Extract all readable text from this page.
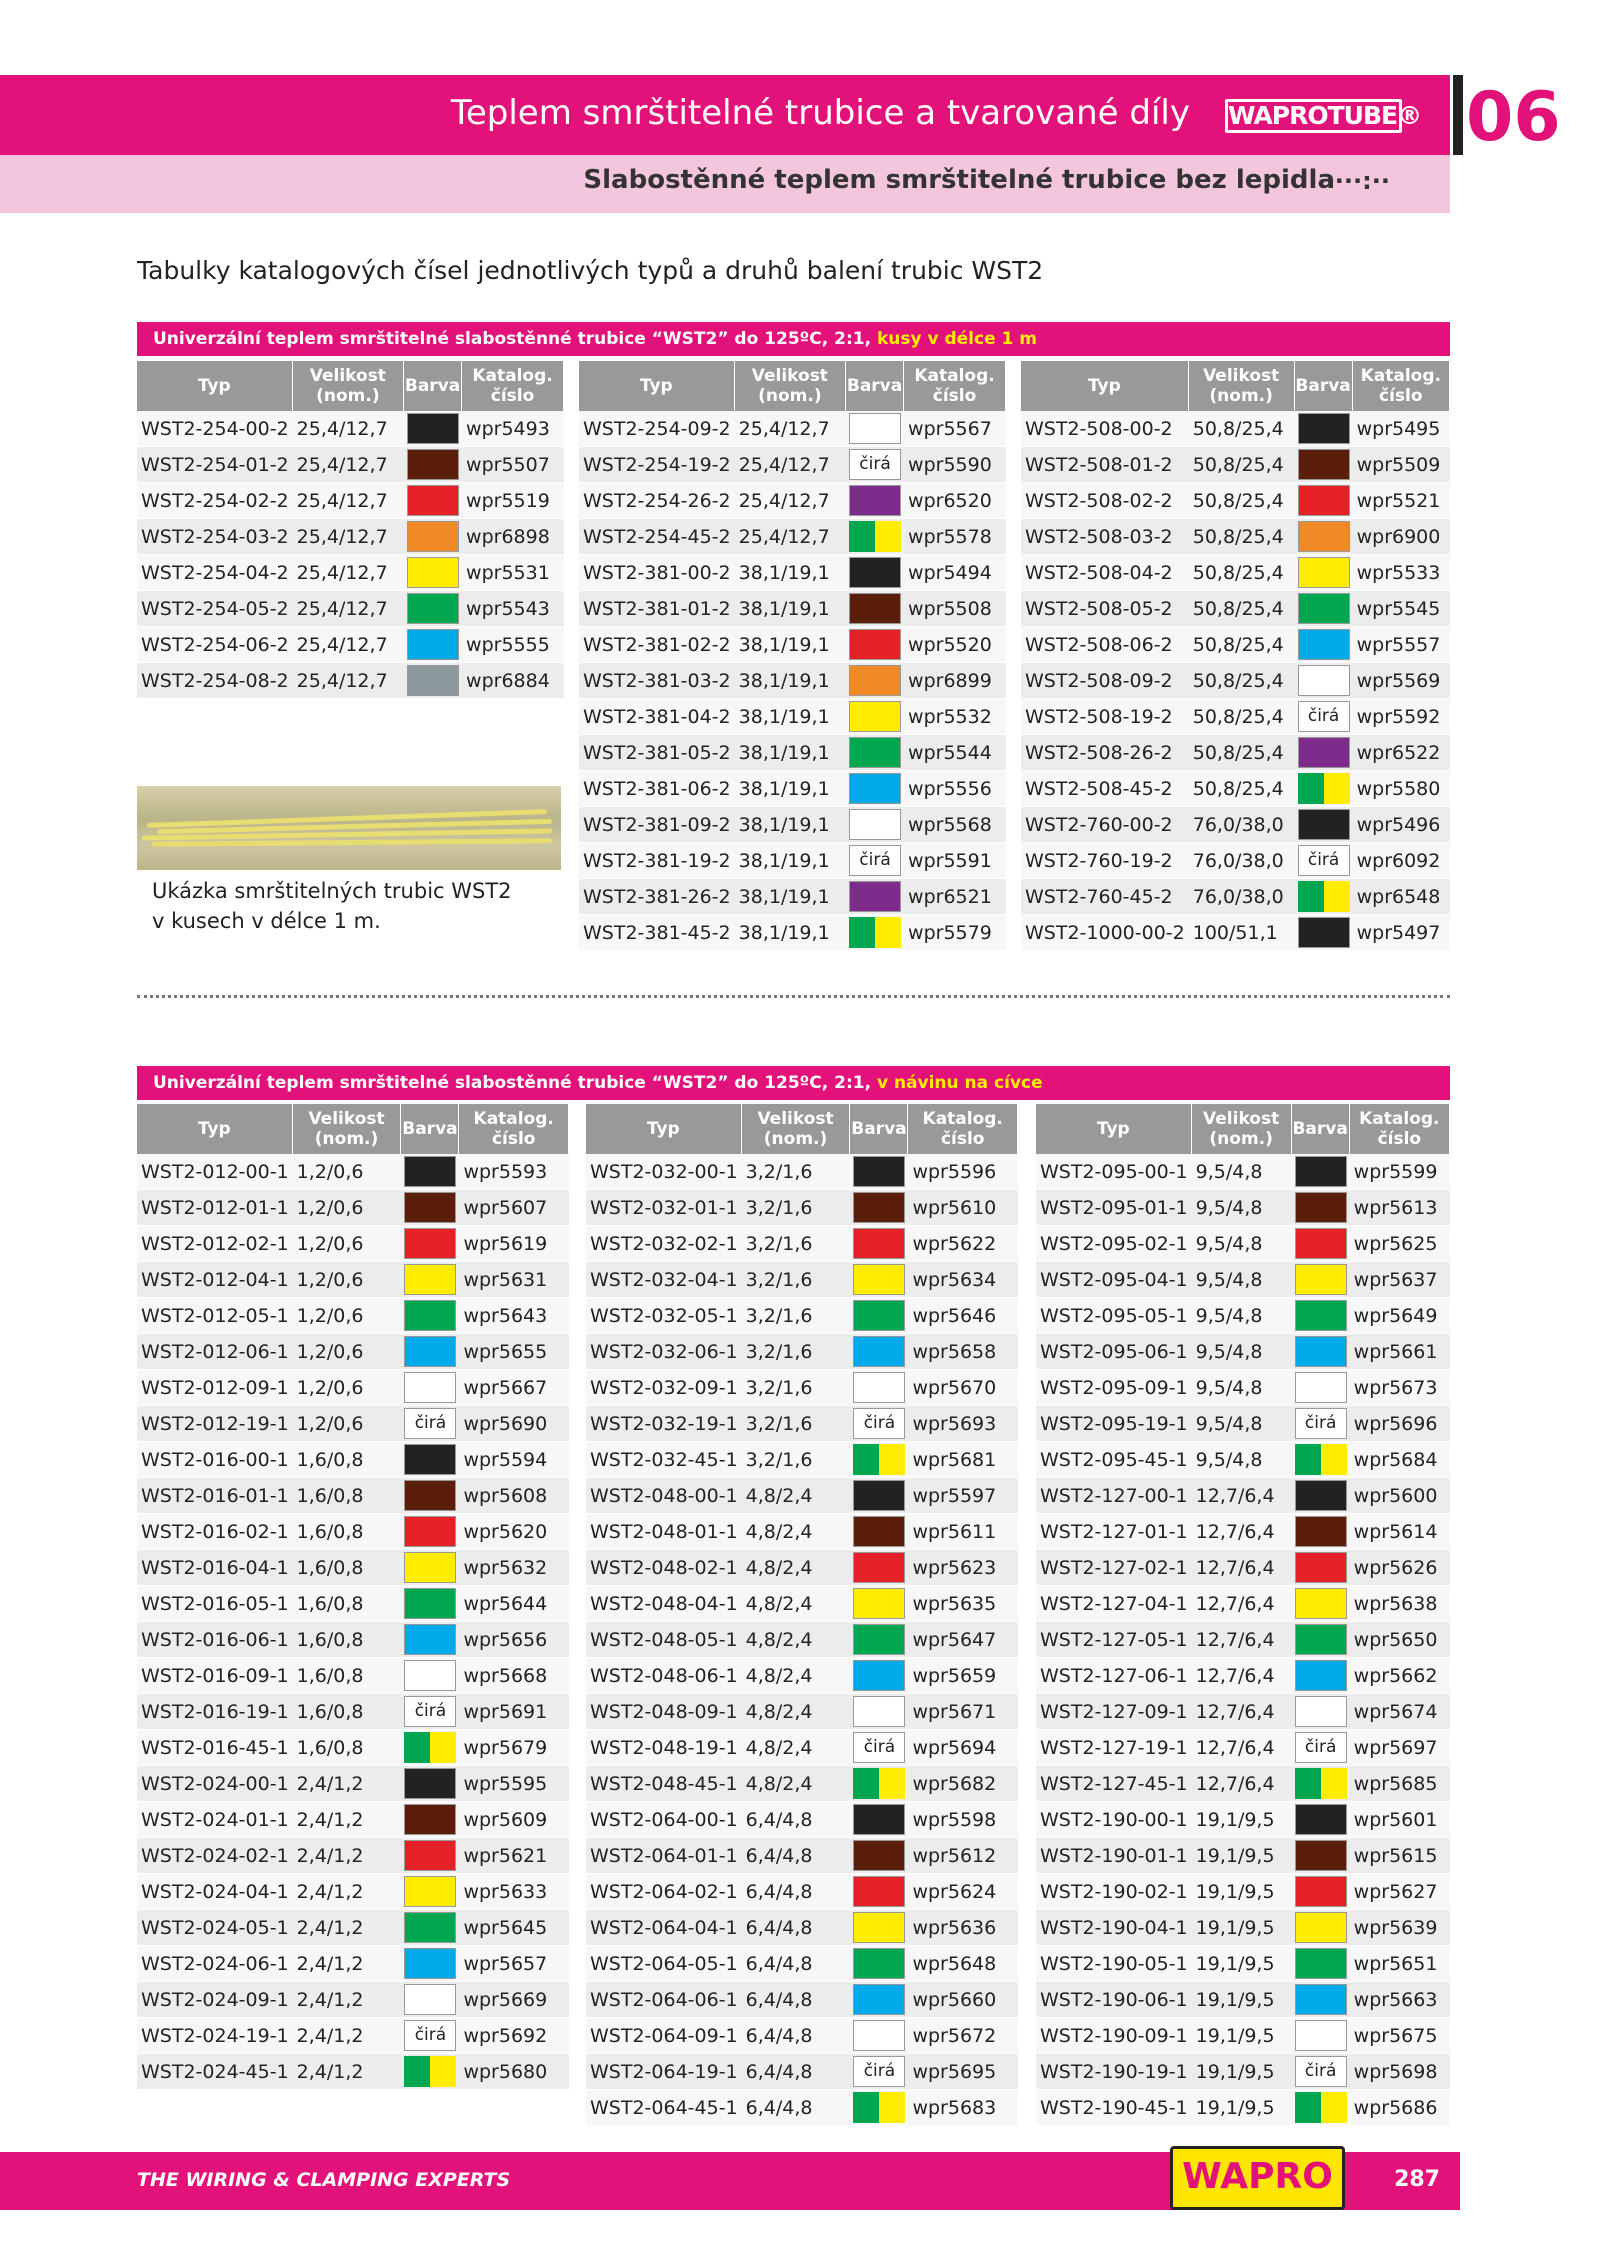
Teplem smrštitelné trubice a tvarované díly WAPROTUBE®
Slabostěnné teplem smrštitelné trubice bez lepidla
····:··
06
Tabulky katalogových čísel jednotlivých typů a druhů balení trubic WST2
Univerzální teplem smrštitelné slabostěnné trubice “WST2” do 125ºC, 2:1, kusy v délce 1 m
Typ	Velikost (nom.)	Barva	Katalog. číslo
WST2-254-00-2	25,4/12,7		wpr5493
WST2-254-01-2	25,4/12,7		wpr5507
WST2-254-02-2	25,4/12,7		wpr5519
WST2-254-03-2	25,4/12,7		wpr6898
WST2-254-04-2	25,4/12,7		wpr5531
WST2-254-05-2	25,4/12,7		wpr5543
WST2-254-06-2	25,4/12,7		wpr5555
WST2-254-08-2	25,4/12,7		wpr6884
Typ	Velikost (nom.)	Barva	Katalog. číslo
WST2-254-09-2	25,4/12,7		wpr5567
WST2-254-19-2	25,4/12,7	čirá	wpr5590
WST2-254-26-2	25,4/12,7		wpr6520
WST2-254-45-2	25,4/12,7		wpr5578
WST2-381-00-2	38,1/19,1		wpr5494
WST2-381-01-2	38,1/19,1		wpr5508
WST2-381-02-2	38,1/19,1		wpr5520
WST2-381-03-2	38,1/19,1		wpr6899
WST2-381-04-2	38,1/19,1		wpr5532
WST2-381-05-2	38,1/19,1		wpr5544
WST2-381-06-2	38,1/19,1		wpr5556
WST2-381-09-2	38,1/19,1		wpr5568
WST2-381-19-2	38,1/19,1	čirá	wpr5591
WST2-381-26-2	38,1/19,1		wpr6521
WST2-381-45-2	38,1/19,1		wpr5579
Typ	Velikost (nom.)	Barva	Katalog. číslo
WST2-508-00-2	50,8/25,4		wpr5495
WST2-508-01-2	50,8/25,4		wpr5509
WST2-508-02-2	50,8/25,4		wpr5521
WST2-508-03-2	50,8/25,4		wpr6900
WST2-508-04-2	50,8/25,4		wpr5533
WST2-508-05-2	50,8/25,4		wpr5545
WST2-508-06-2	50,8/25,4		wpr5557
WST2-508-09-2	50,8/25,4		wpr5569
WST2-508-19-2	50,8/25,4	čirá	wpr5592
WST2-508-26-2	50,8/25,4		wpr6522
WST2-508-45-2	50,8/25,4		wpr5580
WST2-760-00-2	76,0/38,0		wpr5496
WST2-760-19-2	76,0/38,0	čirá	wpr6092
WST2-760-45-2	76,0/38,0		wpr6548
WST2-1000-00-2	100/51,1		wpr5497
Ukázka smrštitelných trubic WST2
v kusech v délce 1 m.
Univerzální teplem smrštitelné slabostěnné trubice “WST2” do 125ºC, 2:1, v návinu na cívce
Typ	Velikost (nom.)	Barva	Katalog. číslo
WST2-012-00-1	1,2/0,6		wpr5593
WST2-012-01-1	1,2/0,6		wpr5607
WST2-012-02-1	1,2/0,6		wpr5619
WST2-012-04-1	1,2/0,6		wpr5631
WST2-012-05-1	1,2/0,6		wpr5643
WST2-012-06-1	1,2/0,6		wpr5655
WST2-012-09-1	1,2/0,6		wpr5667
WST2-012-19-1	1,2/0,6	čirá	wpr5690
WST2-016-00-1	1,6/0,8		wpr5594
WST2-016-01-1	1,6/0,8		wpr5608
WST2-016-02-1	1,6/0,8		wpr5620
WST2-016-04-1	1,6/0,8		wpr5632
WST2-016-05-1	1,6/0,8		wpr5644
WST2-016-06-1	1,6/0,8		wpr5656
WST2-016-09-1	1,6/0,8		wpr5668
WST2-016-19-1	1,6/0,8	čirá	wpr5691
WST2-016-45-1	1,6/0,8		wpr5679
WST2-024-00-1	2,4/1,2		wpr5595
WST2-024-01-1	2,4/1,2		wpr5609
WST2-024-02-1	2,4/1,2		wpr5621
WST2-024-04-1	2,4/1,2		wpr5633
WST2-024-05-1	2,4/1,2		wpr5645
WST2-024-06-1	2,4/1,2		wpr5657
WST2-024-09-1	2,4/1,2		wpr5669
WST2-024-19-1	2,4/1,2	čirá	wpr5692
WST2-024-45-1	2,4/1,2		wpr5680
Typ	Velikost (nom.)	Barva	Katalog. číslo
WST2-032-00-1	3,2/1,6		wpr5596
WST2-032-01-1	3,2/1,6		wpr5610
WST2-032-02-1	3,2/1,6		wpr5622
WST2-032-04-1	3,2/1,6		wpr5634
WST2-032-05-1	3,2/1,6		wpr5646
WST2-032-06-1	3,2/1,6		wpr5658
WST2-032-09-1	3,2/1,6		wpr5670
WST2-032-19-1	3,2/1,6	čirá	wpr5693
WST2-032-45-1	3,2/1,6		wpr5681
WST2-048-00-1	4,8/2,4		wpr5597
WST2-048-01-1	4,8/2,4		wpr5611
WST2-048-02-1	4,8/2,4		wpr5623
WST2-048-04-1	4,8/2,4		wpr5635
WST2-048-05-1	4,8/2,4		wpr5647
WST2-048-06-1	4,8/2,4		wpr5659
WST2-048-09-1	4,8/2,4		wpr5671
WST2-048-19-1	4,8/2,4	čirá	wpr5694
WST2-048-45-1	4,8/2,4		wpr5682
WST2-064-00-1	6,4/4,8		wpr5598
WST2-064-01-1	6,4/4,8		wpr5612
WST2-064-02-1	6,4/4,8		wpr5624
WST2-064-04-1	6,4/4,8		wpr5636
WST2-064-05-1	6,4/4,8		wpr5648
WST2-064-06-1	6,4/4,8		wpr5660
WST2-064-09-1	6,4/4,8		wpr5672
WST2-064-19-1	6,4/4,8	čirá	wpr5695
WST2-064-45-1	6,4/4,8		wpr5683
Typ	Velikost (nom.)	Barva	Katalog. číslo
WST2-095-00-1	9,5/4,8		wpr5599
WST2-095-01-1	9,5/4,8		wpr5613
WST2-095-02-1	9,5/4,8		wpr5625
WST2-095-04-1	9,5/4,8		wpr5637
WST2-095-05-1	9,5/4,8		wpr5649
WST2-095-06-1	9,5/4,8		wpr5661
WST2-095-09-1	9,5/4,8		wpr5673
WST2-095-19-1	9,5/4,8	čirá	wpr5696
WST2-095-45-1	9,5/4,8		wpr5684
WST2-127-00-1	12,7/6,4		wpr5600
WST2-127-01-1	12,7/6,4		wpr5614
WST2-127-02-1	12,7/6,4		wpr5626
WST2-127-04-1	12,7/6,4		wpr5638
WST2-127-05-1	12,7/6,4		wpr5650
WST2-127-06-1	12,7/6,4		wpr5662
WST2-127-09-1	12,7/6,4		wpr5674
WST2-127-19-1	12,7/6,4	čirá	wpr5697
WST2-127-45-1	12,7/6,4		wpr5685
WST2-190-00-1	19,1/9,5		wpr5601
WST2-190-01-1	19,1/9,5		wpr5615
WST2-190-02-1	19,1/9,5		wpr5627
WST2-190-04-1	19,1/9,5		wpr5639
WST2-190-05-1	19,1/9,5		wpr5651
WST2-190-06-1	19,1/9,5		wpr5663
WST2-190-09-1	19,1/9,5		wpr5675
WST2-190-19-1	19,1/9,5	čirá	wpr5698
WST2-190-45-1	19,1/9,5		wpr5686
THE WIRING & CLAMPING EXPERTS	287
WAPRO
